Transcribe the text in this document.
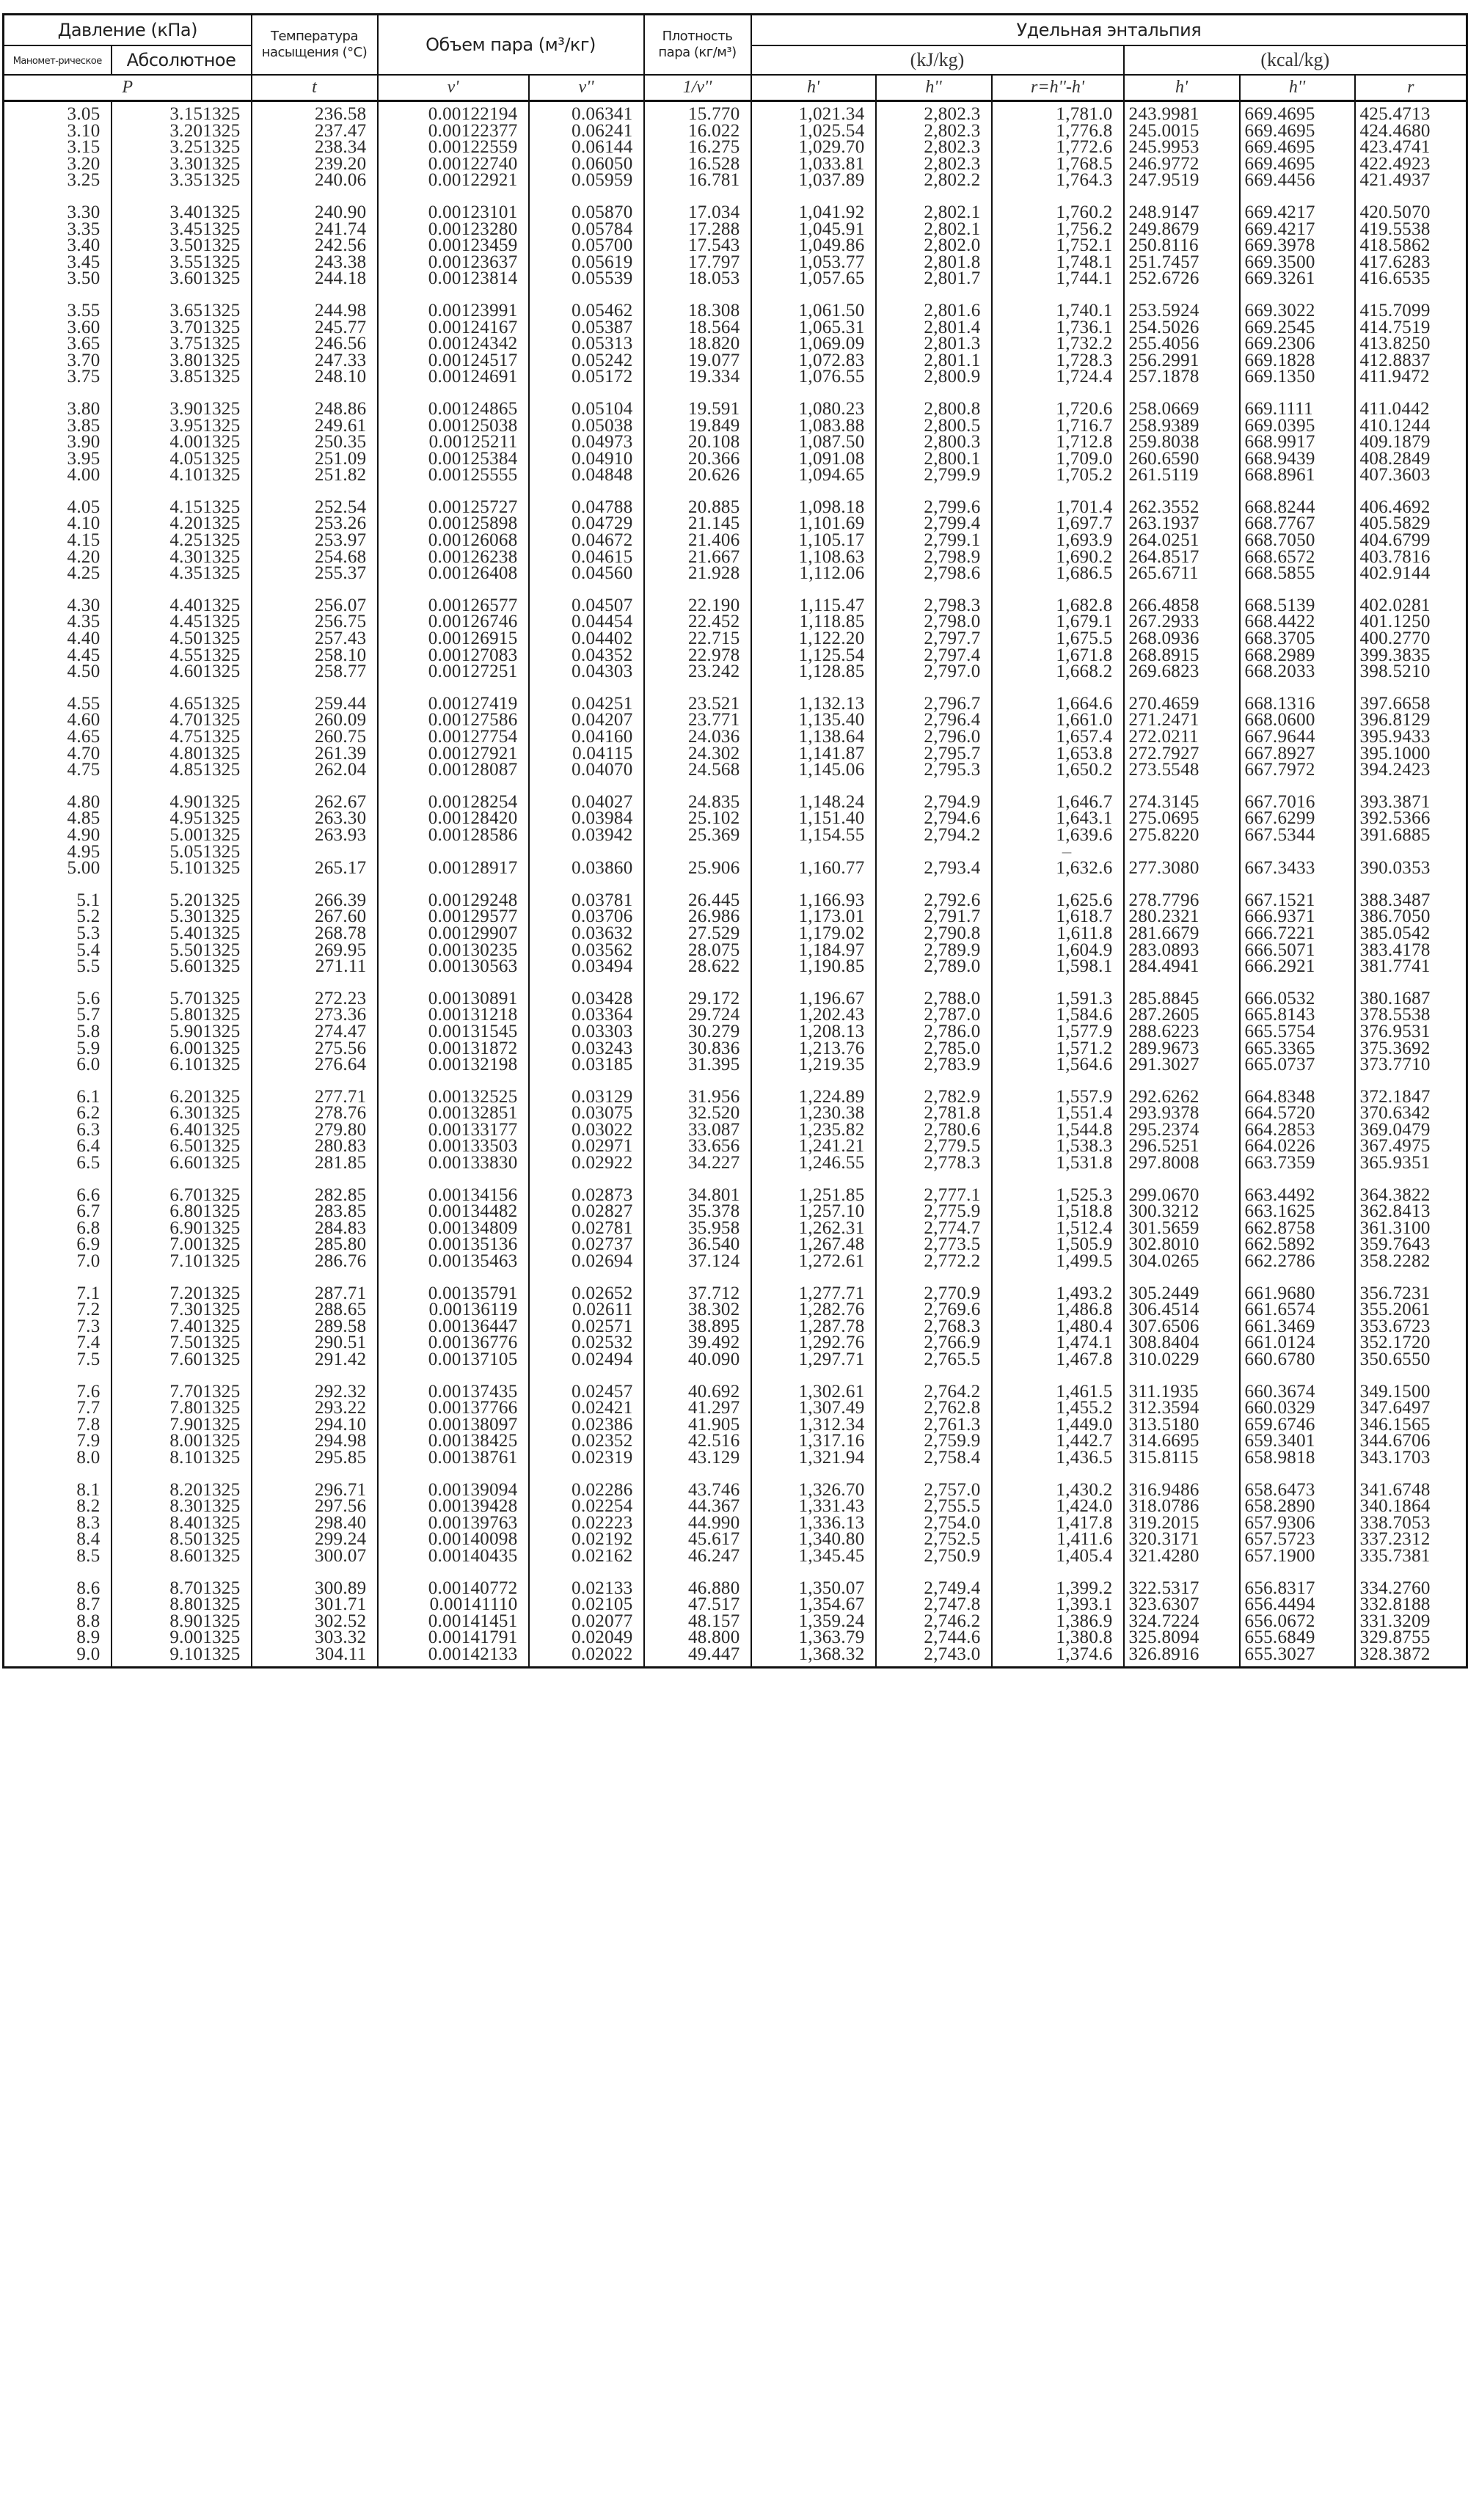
Давление (кПа)		Температура насыщения (°C)	Объем пара (м³/кг)		Плотность пара (кг/м³)	Удельная энтальпия					
Маномет-рическое	Абсолютное					(kJ/kg)			(kcal/kg)		
P		t	v'	v''	1/v''	h'	h''	r=h''-h'	h'	h''	r
3.05	3.151325	236.58	0.00122194	0.06341	15.770	1,021.34	2,802.3	1,781.0	243.9981	669.4695	425.4713
3.10	3.201325	237.47	0.00122377	0.06241	16.022	1,025.54	2,802.3	1,776.8	245.0015	669.4695	424.4680
3.15	3.251325	238.34	0.00122559	0.06144	16.275	1,029.70	2,802.3	1,772.6	245.9953	669.4695	423.4741
3.20	3.301325	239.20	0.00122740	0.06050	16.528	1,033.81	2,802.3	1,768.5	246.9772	669.4695	422.4923
3.25	3.351325	240.06	0.00122921	0.05959	16.781	1,037.89	2,802.2	1,764.3	247.9519	669.4456	421.4937

3.30	3.401325	240.90	0.00123101	0.05870	17.034	1,041.92	2,802.1	1,760.2	248.9147	669.4217	420.5070
3.35	3.451325	241.74	0.00123280	0.05784	17.288	1,045.91	2,802.1	1,756.2	249.8679	669.4217	419.5538
3.40	3.501325	242.56	0.00123459	0.05700	17.543	1,049.86	2,802.0	1,752.1	250.8116	669.3978	418.5862
3.45	3.551325	243.38	0.00123637	0.05619	17.797	1,053.77	2,801.8	1,748.1	251.7457	669.3500	417.6283
3.50	3.601325	244.18	0.00123814	0.05539	18.053	1,057.65	2,801.7	1,744.1	252.6726	669.3261	416.6535

3.55	3.651325	244.98	0.00123991	0.05462	18.308	1,061.50	2,801.6	1,740.1	253.5924	669.3022	415.7099
3.60	3.701325	245.77	0.00124167	0.05387	18.564	1,065.31	2,801.4	1,736.1	254.5026	669.2545	414.7519
3.65	3.751325	246.56	0.00124342	0.05313	18.820	1,069.09	2,801.3	1,732.2	255.4056	669.2306	413.8250
3.70	3.801325	247.33	0.00124517	0.05242	19.077	1,072.83	2,801.1	1,728.3	256.2991	669.1828	412.8837
3.75	3.851325	248.10	0.00124691	0.05172	19.334	1,076.55	2,800.9	1,724.4	257.1878	669.1350	411.9472

3.80	3.901325	248.86	0.00124865	0.05104	19.591	1,080.23	2,800.8	1,720.6	258.0669	669.1111	411.0442
3.85	3.951325	249.61	0.00125038	0.05038	19.849	1,083.88	2,800.5	1,716.7	258.9389	669.0395	410.1244
3.90	4.001325	250.35	0.00125211	0.04973	20.108	1,087.50	2,800.3	1,712.8	259.8038	668.9917	409.1879
3.95	4.051325	251.09	0.00125384	0.04910	20.366	1,091.08	2,800.1	1,709.0	260.6590	668.9439	408.2849
4.00	4.101325	251.82	0.00125555	0.04848	20.626	1,094.65	2,799.9	1,705.2	261.5119	668.8961	407.3603

4.05	4.151325	252.54	0.00125727	0.04788	20.885	1,098.18	2,799.6	1,701.4	262.3552	668.8244	406.4692
4.10	4.201325	253.26	0.00125898	0.04729	21.145	1,101.69	2,799.4	1,697.7	263.1937	668.7767	405.5829
4.15	4.251325	253.97	0.00126068	0.04672	21.406	1,105.17	2,799.1	1,693.9	264.0251	668.7050	404.6799
4.20	4.301325	254.68	0.00126238	0.04615	21.667	1,108.63	2,798.9	1,690.2	264.8517	668.6572	403.7816
4.25	4.351325	255.37	0.00126408	0.04560	21.928	1,112.06	2,798.6	1,686.5	265.6711	668.5855	402.9144

4.30	4.401325	256.07	0.00126577	0.04507	22.190	1,115.47	2,798.3	1,682.8	266.4858	668.5139	402.0281
4.35	4.451325	256.75	0.00126746	0.04454	22.452	1,118.85	2,798.0	1,679.1	267.2933	668.4422	401.1250
4.40	4.501325	257.43	0.00126915	0.04402	22.715	1,122.20	2,797.7	1,675.5	268.0936	668.3705	400.2770
4.45	4.551325	258.10	0.00127083	0.04352	22.978	1,125.54	2,797.4	1,671.8	268.8915	668.2989	399.3835
4.50	4.601325	258.77	0.00127251	0.04303	23.242	1,128.85	2,797.0	1,668.2	269.6823	668.2033	398.5210

4.55	4.651325	259.44	0.00127419	0.04251	23.521	1,132.13	2,796.7	1,664.6	270.4659	668.1316	397.6658
4.60	4.701325	260.09	0.00127586	0.04207	23.771	1,135.40	2,796.4	1,661.0	271.2471	668.0600	396.8129
4.65	4.751325	260.75	0.00127754	0.04160	24.036	1,138.64	2,796.0	1,657.4	272.0211	667.9644	395.9433
4.70	4.801325	261.39	0.00127921	0.04115	24.302	1,141.87	2,795.7	1,653.8	272.7927	667.8927	395.1000
4.75	4.851325	262.04	0.00128087	0.04070	24.568	1,145.06	2,795.3	1,650.2	273.5548	667.7972	394.2423

4.80	4.901325	262.67	0.00128254	0.04027	24.835	1,148.24	2,794.9	1,646.7	274.3145	667.7016	393.3871
4.85	4.951325	263.30	0.00128420	0.03984	25.102	1,151.40	2,794.6	1,643.1	275.0695	667.6299	392.5366
4.90	5.001325	263.93	0.00128586	0.03942	25.369	1,154.55	2,794.2	1,639.6	275.8220	667.5344	391.6885
4.95	5.051325							–			
5.00	5.101325	265.17	0.00128917	0.03860	25.906	1,160.77	2,793.4	1,632.6	277.3080	667.3433	390.0353

5.1	5.201325	266.39	0.00129248	0.03781	26.445	1,166.93	2,792.6	1,625.6	278.7796	667.1521	388.3487
5.2	5.301325	267.60	0.00129577	0.03706	26.986	1,173.01	2,791.7	1,618.7	280.2321	666.9371	386.7050
5.3	5.401325	268.78	0.00129907	0.03632	27.529	1,179.02	2,790.8	1,611.8	281.6679	666.7221	385.0542
5.4	5.501325	269.95	0.00130235	0.03562	28.075	1,184.97	2,789.9	1,604.9	283.0893	666.5071	383.4178
5.5	5.601325	271.11	0.00130563	0.03494	28.622	1,190.85	2,789.0	1,598.1	284.4941	666.2921	381.7741

5.6	5.701325	272.23	0.00130891	0.03428	29.172	1,196.67	2,788.0	1,591.3	285.8845	666.0532	380.1687
5.7	5.801325	273.36	0.00131218	0.03364	29.724	1,202.43	2,787.0	1,584.6	287.2605	665.8143	378.5538
5.8	5.901325	274.47	0.00131545	0.03303	30.279	1,208.13	2,786.0	1,577.9	288.6223	665.5754	376.9531
5.9	6.001325	275.56	0.00131872	0.03243	30.836	1,213.76	2,785.0	1,571.2	289.9673	665.3365	375.3692
6.0	6.101325	276.64	0.00132198	0.03185	31.395	1,219.35	2,783.9	1,564.6	291.3027	665.0737	373.7710

6.1	6.201325	277.71	0.00132525	0.03129	31.956	1,224.89	2,782.9	1,557.9	292.6262	664.8348	372.1847
6.2	6.301325	278.76	0.00132851	0.03075	32.520	1,230.38	2,781.8	1,551.4	293.9378	664.5720	370.6342
6.3	6.401325	279.80	0.00133177	0.03022	33.087	1,235.82	2,780.6	1,544.8	295.2374	664.2853	369.0479
6.4	6.501325	280.83	0.00133503	0.02971	33.656	1,241.21	2,779.5	1,538.3	296.5251	664.0226	367.4975
6.5	6.601325	281.85	0.00133830	0.02922	34.227	1,246.55	2,778.3	1,531.8	297.8008	663.7359	365.9351

6.6	6.701325	282.85	0.00134156	0.02873	34.801	1,251.85	2,777.1	1,525.3	299.0670	663.4492	364.3822
6.7	6.801325	283.85	0.00134482	0.02827	35.378	1,257.10	2,775.9	1,518.8	300.3212	663.1625	362.8413
6.8	6.901325	284.83	0.00134809	0.02781	35.958	1,262.31	2,774.7	1,512.4	301.5659	662.8758	361.3100
6.9	7.001325	285.80	0.00135136	0.02737	36.540	1,267.48	2,773.5	1,505.9	302.8010	662.5892	359.7643
7.0	7.101325	286.76	0.00135463	0.02694	37.124	1,272.61	2,772.2	1,499.5	304.0265	662.2786	358.2282

7.1	7.201325	287.71	0.00135791	0.02652	37.712	1,277.71	2,770.9	1,493.2	305.2449	661.9680	356.7231
7.2	7.301325	288.65	0.00136119	0.02611	38.302	1,282.76	2,769.6	1,486.8	306.4514	661.6574	355.2061
7.3	7.401325	289.58	0.00136447	0.02571	38.895	1,287.78	2,768.3	1,480.4	307.6506	661.3469	353.6723
7.4	7.501325	290.51	0.00136776	0.02532	39.492	1,292.76	2,766.9	1,474.1	308.8404	661.0124	352.1720
7.5	7.601325	291.42	0.00137105	0.02494	40.090	1,297.71	2,765.5	1,467.8	310.0229	660.6780	350.6550

7.6	7.701325	292.32	0.00137435	0.02457	40.692	1,302.61	2,764.2	1,461.5	311.1935	660.3674	349.1500
7.7	7.801325	293.22	0.00137766	0.02421	41.297	1,307.49	2,762.8	1,455.2	312.3594	660.0329	347.6497
7.8	7.901325	294.10	0.00138097	0.02386	41.905	1,312.34	2,761.3	1,449.0	313.5180	659.6746	346.1565
7.9	8.001325	294.98	0.00138425	0.02352	42.516	1,317.16	2,759.9	1,442.7	314.6695	659.3401	344.6706
8.0	8.101325	295.85	0.00138761	0.02319	43.129	1,321.94	2,758.4	1,436.5	315.8115	658.9818	343.1703

8.1	8.201325	296.71	0.00139094	0.02286	43.746	1,326.70	2,757.0	1,430.2	316.9486	658.6473	341.6748
8.2	8.301325	297.56	0.00139428	0.02254	44.367	1,331.43	2,755.5	1,424.0	318.0786	658.2890	340.1864
8.3	8.401325	298.40	0.00139763	0.02223	44.990	1,336.13	2,754.0	1,417.8	319.2015	657.9306	338.7053
8.4	8.501325	299.24	0.00140098	0.02192	45.617	1,340.80	2,752.5	1,411.6	320.3171	657.5723	337.2312
8.5	8.601325	300.07	0.00140435	0.02162	46.247	1,345.45	2,750.9	1,405.4	321.4280	657.1900	335.7381

8.6	8.701325	300.89	0.00140772	0.02133	46.880	1,350.07	2,749.4	1,399.2	322.5317	656.8317	334.2760
8.7	8.801325	301.71	0.00141110	0.02105	47.517	1,354.67	2,747.8	1,393.1	323.6307	656.4494	332.8188
8.8	8.901325	302.52	0.00141451	0.02077	48.157	1,359.24	2,746.2	1,386.9	324.7224	656.0672	331.3209
8.9	9.001325	303.32	0.00141791	0.02049	48.800	1,363.79	2,744.6	1,380.8	325.8094	655.6849	329.8755
9.0	9.101325	304.11	0.00142133	0.02022	49.447	1,368.32	2,743.0	1,374.6	326.8916	655.3027	328.3872
